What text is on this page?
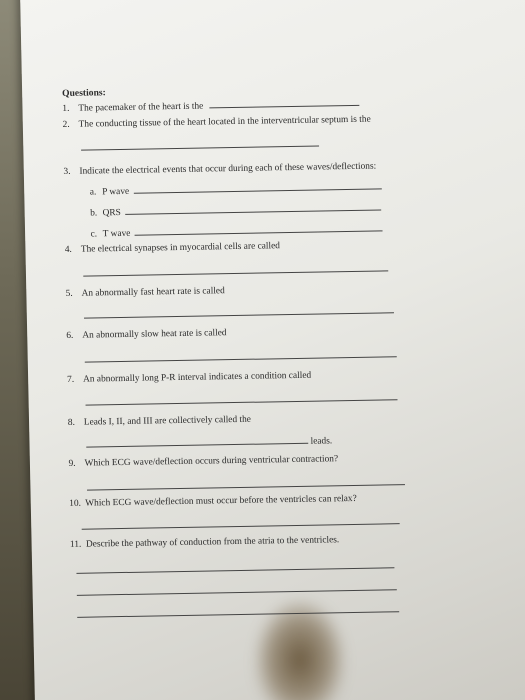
Questions:
1. The pacemaker of the heart is the
2. The conducting tissue of the heart located in the interventricular septum is the
3. Indicate the electrical events that occur during each of these waves/deflections:
a. P wave
b. QRS
c. T wave
4. The electrical synapses in myocardial cells are called
5. An abnormally fast heart rate is called
6. An abnormally slow heat rate is called
7. An abnormally long P-R interval indicates a condition called
8. Leads I, II, and III are collectively called the
leads.
9. Which ECG wave/deflection occurs during ventricular contraction?
10. Which ECG wave/deflection must occur before the ventricles can relax?
11. Describe the pathway of conduction from the atria to the ventricles.
